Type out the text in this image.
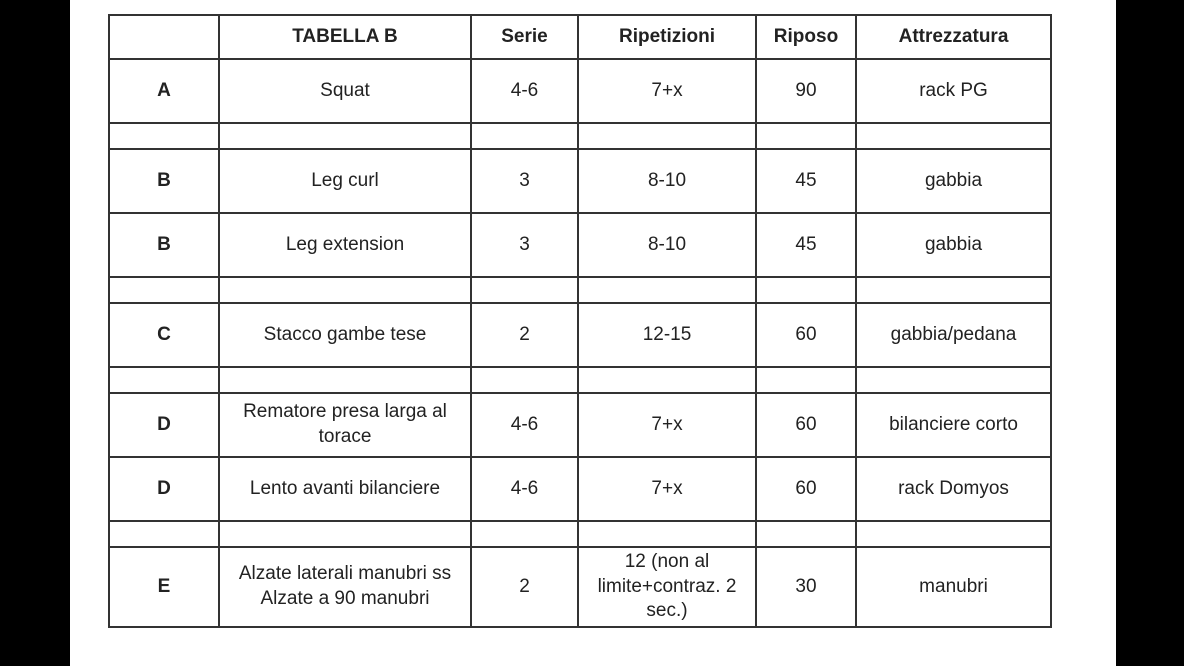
	TABELLA B	Serie	Ripetizioni	Riposo	Attrezzatura
A	Squat	4-6	7+x	90	rack PG

B	Leg curl	3	8-10	45	gabbia
B	Leg extension	3	8-10	45	gabbia

C	Stacco gambe tese	2	12-15	60	gabbia/pedana

D	Rematore presa larga al torace	4-6	7+x	60	bilanciere corto
D	Lento avanti bilanciere	4-6	7+x	60	rack Domyos

E	Alzate laterali manubri ss Alzate a 90 manubri	2	12 (non al limite+contraz. 2 sec.)	30	manubri
